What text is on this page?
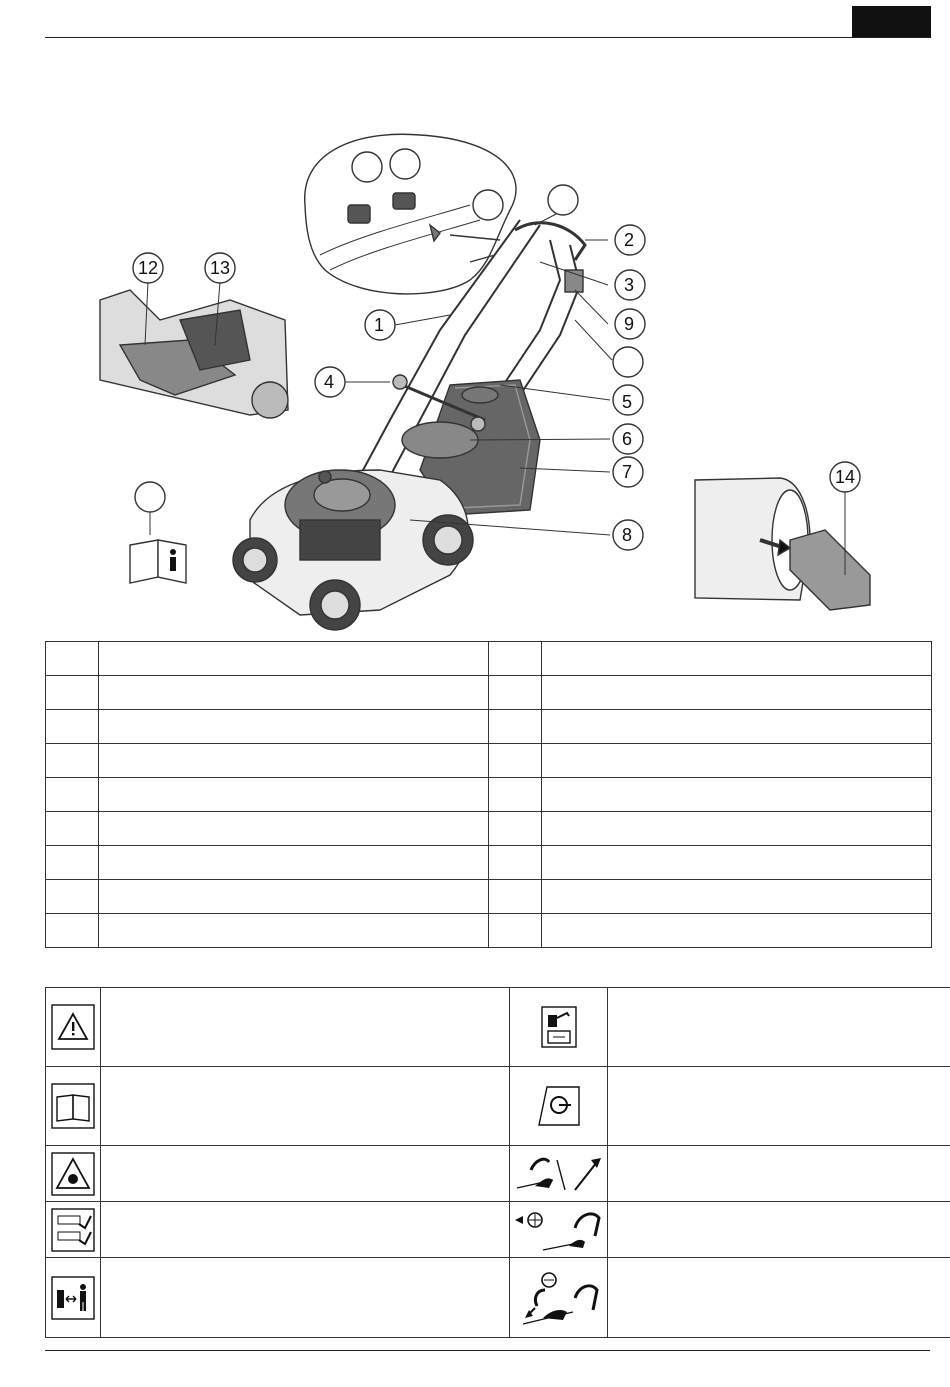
1
2
3
4
5
6
7
8
9
12	13
14
